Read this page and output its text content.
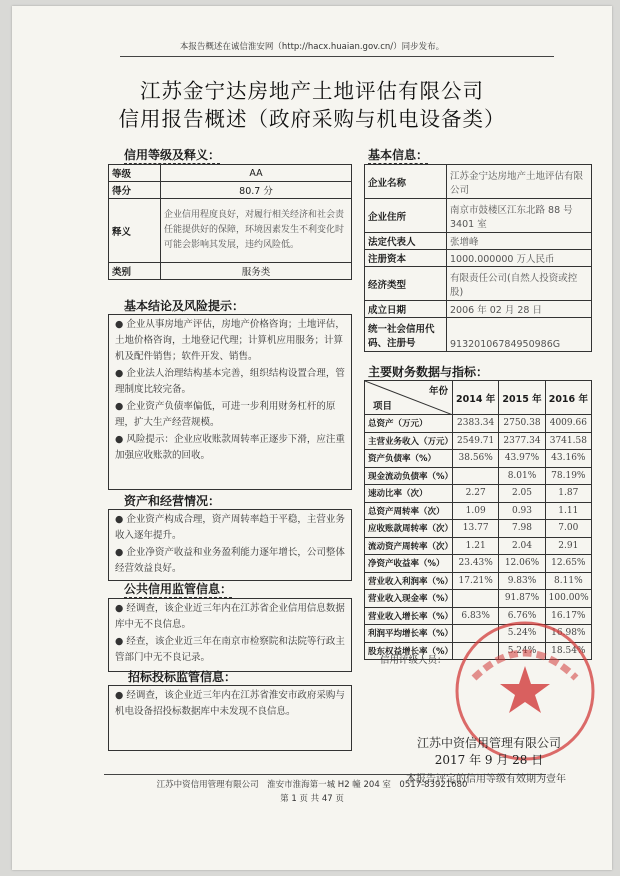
本报告概述在诚信淮安网（http://hacx.huaian.gov.cn/）同步发布。
江苏金宁达房地产土地评估有限公司
信用报告概述（政府采购与机电设备类）
信用等级及释义：
等级	AA
得分	80.7 分
释义	企业信用程度良好，对履行相关经济和社会责任能提供好的保障，环境因素发生不利变化时可能会影响其发展，违约风险低。
类别	服务类
基本结论及风险提示：

● 企业从事房地产评估，房地产价格咨询；土地评估，土地价格咨询，土地登记代理；计算机应用服务；计算机及配件销售；软件开发、销售。

● 企业法人治理结构基本完善，组织结构设置合理，管理制度比较完备。

● 企业资产负债率偏低，可进一步利用财务杠杆的原理，扩大生产经营规模。

● 风险提示：企业应收账款周转率正逐步下滑，应注重加强应收账款的回收。

资产和经营情况：

● 企业资产构成合理，资产周转率趋于平稳，主营业务收入逐年提升。

● 企业净资产收益和业务盈利能力逐年增长，公司整体经营效益良好。

公共信用监管信息：

● 经调查，该企业近三年内在江苏省企业信用信息数据库中无不良信息。

● 经查，该企业近三年在南京市检察院和法院等行政主管部门中无不良记录。

招标投标监管信息：

● 经调查，该企业近三年内在江苏省淮安市政府采购与机电设备招投标数据库中未发现不良信息。

基本信息：
企业名称	江苏金宁达房地产土地评估有限公司
企业住所	南京市鼓楼区江东北路 88 号 3401 室
法定代表人	张增峰
注册资本	1000.000000 万人民币
经济类型	有限责任公司(自然人投资或控股)
成立日期	2006 年 02 月 28 日
统一社会信用代码、注册号	913201067849509​86G
主要财务数据与指标：
年份
项目	2014 年	2015 年	2016 年
总资产（万元）	2383.34	2750.38	4009.66
主营业务收入（万元）	2549.71	2377.34	3741.58
资产负债率（%）	38.56%	43.97%	43.16%
现金流动负债率（%）		8.01%	78.19%
速动比率（次）	2.27	2.05	1.87
总资产周转率（次）	1.09	0.93	1.11
应收账款周转率（次）	13.77	7.98	7.00
流动资产周转率（次）	1.21	2.04	2.91
净资产收益率（%）	23.43%	12.06%	12.65%
营业收入利润率（%）	17.21%	9.83%	8.11%
营业收入现金率（%）		91.87%	100.00%
营业收入增长率（%）	6.83%	6.76%	16.17%
利润平均增长率（%）		5.24%	16.98%
股东权益增长率（%）		5.24%	18.54%
信用评级人员：
江苏中资信用管理有限公司
2017 年 9 月 28 日
本报告评定的信用等级有效期为壹年
江苏中资信用管理有限公司　淮安市淮海第一城 H2 幢 204 室　0517-83921680
第 1 页 共 47 页
